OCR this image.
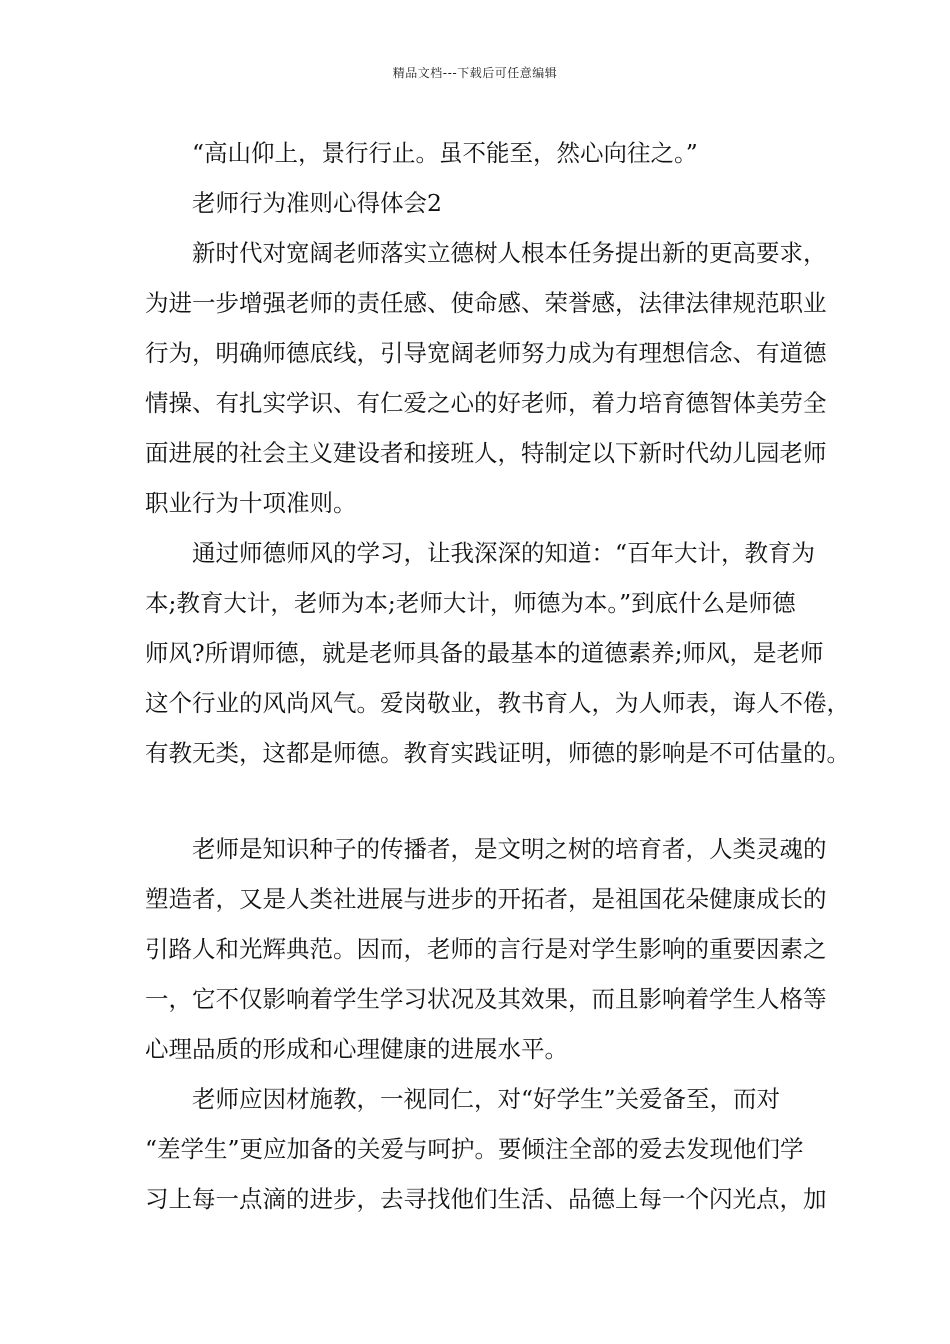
精品文档---下载后可任意编辑
“高山仰上，景行行止。虽不能至，然心向往之。”
老师行为准则心得体会2
新时代对宽阔老师落实立德树人根本任务提出新的更高要求，
为进一步增强老师的责任感、使命感、荣誉感，法律法律规范职业
行为，明确师德底线，引导宽阔老师努力成为有理想信念、有道德
情操、有扎实学识、有仁爱之心的好老师，着力培育德智体美劳全
面进展的社会主义建设者和接班人，特制定以下新时代幼儿园老师
职业行为十项准则。
通过师德师风的学习，让我深深的知道：“百年大计，教育为
本;教育大计，老师为本;老师大计，师德为本。”到底什么是师德
师风?所谓师德，就是老师具备的最基本的道德素养;师风，是老师
这个行业的风尚风气。爱岗敬业，教书育人，为人师表，诲人不倦，
有教无类，这都是师德。教育实践证明，师德的影响是不可估量的。
老师是知识种子的传播者，是文明之树的培育者，人类灵魂的
塑造者，又是人类社进展与进步的开拓者，是祖国花朵健康成长的
引路人和光辉典范。因而，老师的言行是对学生影响的重要因素之
一，它不仅影响着学生学习状况及其效果，而且影响着学生人格等
心理品质的形成和心理健康的进展水平。
老师应因材施教，一视同仁，对“好学生”关爱备至，而对
“差学生”更应加备的关爱与呵护。要倾注全部的爱去发现他们学
习上每一点滴的进步，去寻找他们生活、品德上每一个闪光点，加
